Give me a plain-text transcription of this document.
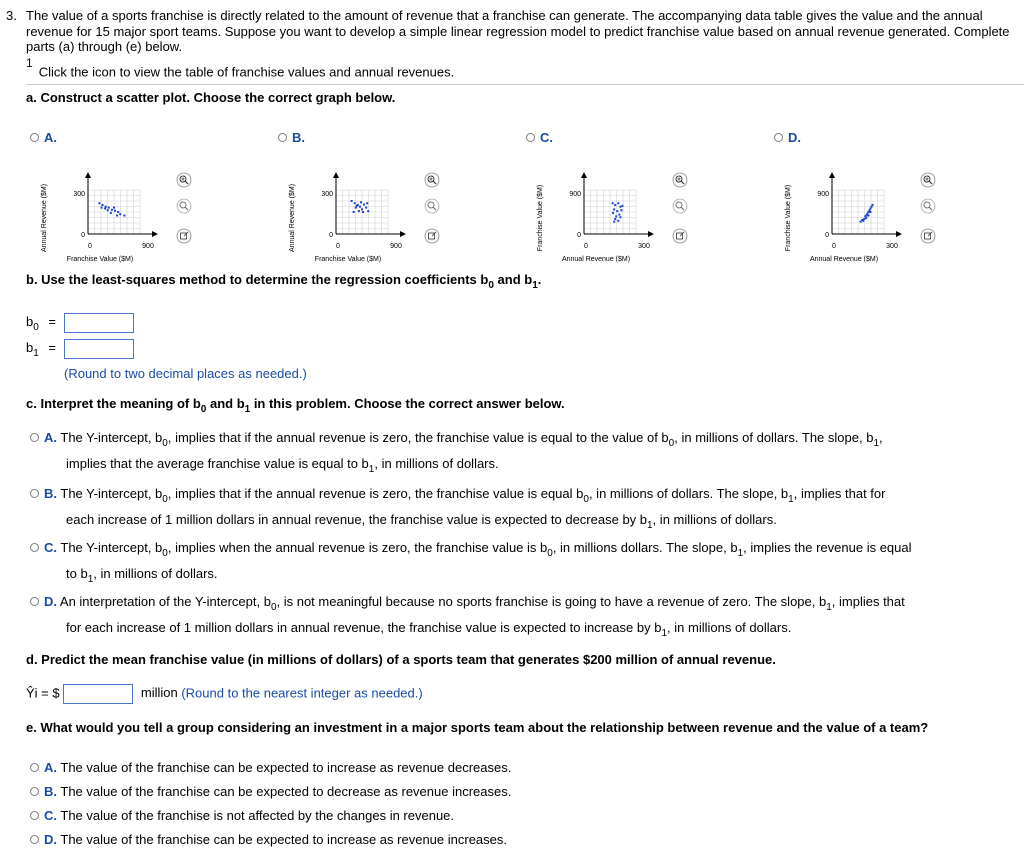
3. The value of a sports franchise is directly related to the amount of revenue that a franchise can generate. The accompanying data table gives the value and the annual revenue for 15 major sport teams. Suppose you want to develop a simple linear regression model to predict franchise value based on annual revenue generated. Complete parts (a) through (e) below.
$^1$Click the icon to view the table of franchise values and annual revenues.
a. Construct a scatter plot. Choose the correct graph below.
A.
300
0
0	900
Franchise Value ($M)
Annual Revenue ($M)
B.
300
0
0	900
Franchise Value ($M)
Annual Revenue ($M)
C.
900
0
0	300
Annual Revenue ($M)
Franchise Value ($M)
D.
900
0
0	300
Annual Revenue ($M)
Franchise Value ($M)
b. Use the least-squares method to determine the regression coefficients $b_0$ and $b_1$.
$b_0$ =
$b_1$ =
(Round to two decimal places as needed.)
c. Interpret the meaning of $b_0$ and $b_1$ in this problem. Choose the correct answer below.
A. The Y-intercept, $b_0$, implies that if the annual revenue is zero, the franchise value is equal to the value of $b_0$, in millions of dollars. The slope, $b_1$,
implies that the average franchise value is equal to $b_1$, in millions of dollars.
B. The Y-intercept, $b_0$, implies that if the annual revenue is zero, the franchise value is equal $b_0$, in millions of dollars. The slope, $b_1$, implies that for
each increase of 1 million dollars in annual revenue, the franchise value is expected to decrease by $b_1$, in millions of dollars.
C. The Y-intercept, $b_0$, implies when the annual revenue is zero, the franchise value is $b_0$, in millions dollars. The slope, $b_1$, implies the revenue is equal
to $b_1$, in millions of dollars.
D. An interpretation of the Y-intercept, $b_0$, is not meaningful because no sports franchise is going to have a revenue of zero. The slope, $b_1$, implies that
for each increase of 1 million dollars in annual revenue, the franchise value is expected to increase by $b_1$, in millions of dollars.
d. Predict the mean franchise value (in millions of dollars) of a sports team that generates $200 million of annual revenue.
Ŷi = $	million (Round to the nearest integer as needed.)
e. What would you tell a group considering an investment in a major sports team about the relationship between revenue and the value of a team?
A. The value of the franchise can be expected to increase as revenue decreases.
B. The value of the franchise can be expected to decrease as revenue increases.
C. The value of the franchise is not affected by the changes in revenue.
D. The value of the franchise can be expected to increase as revenue increases.
